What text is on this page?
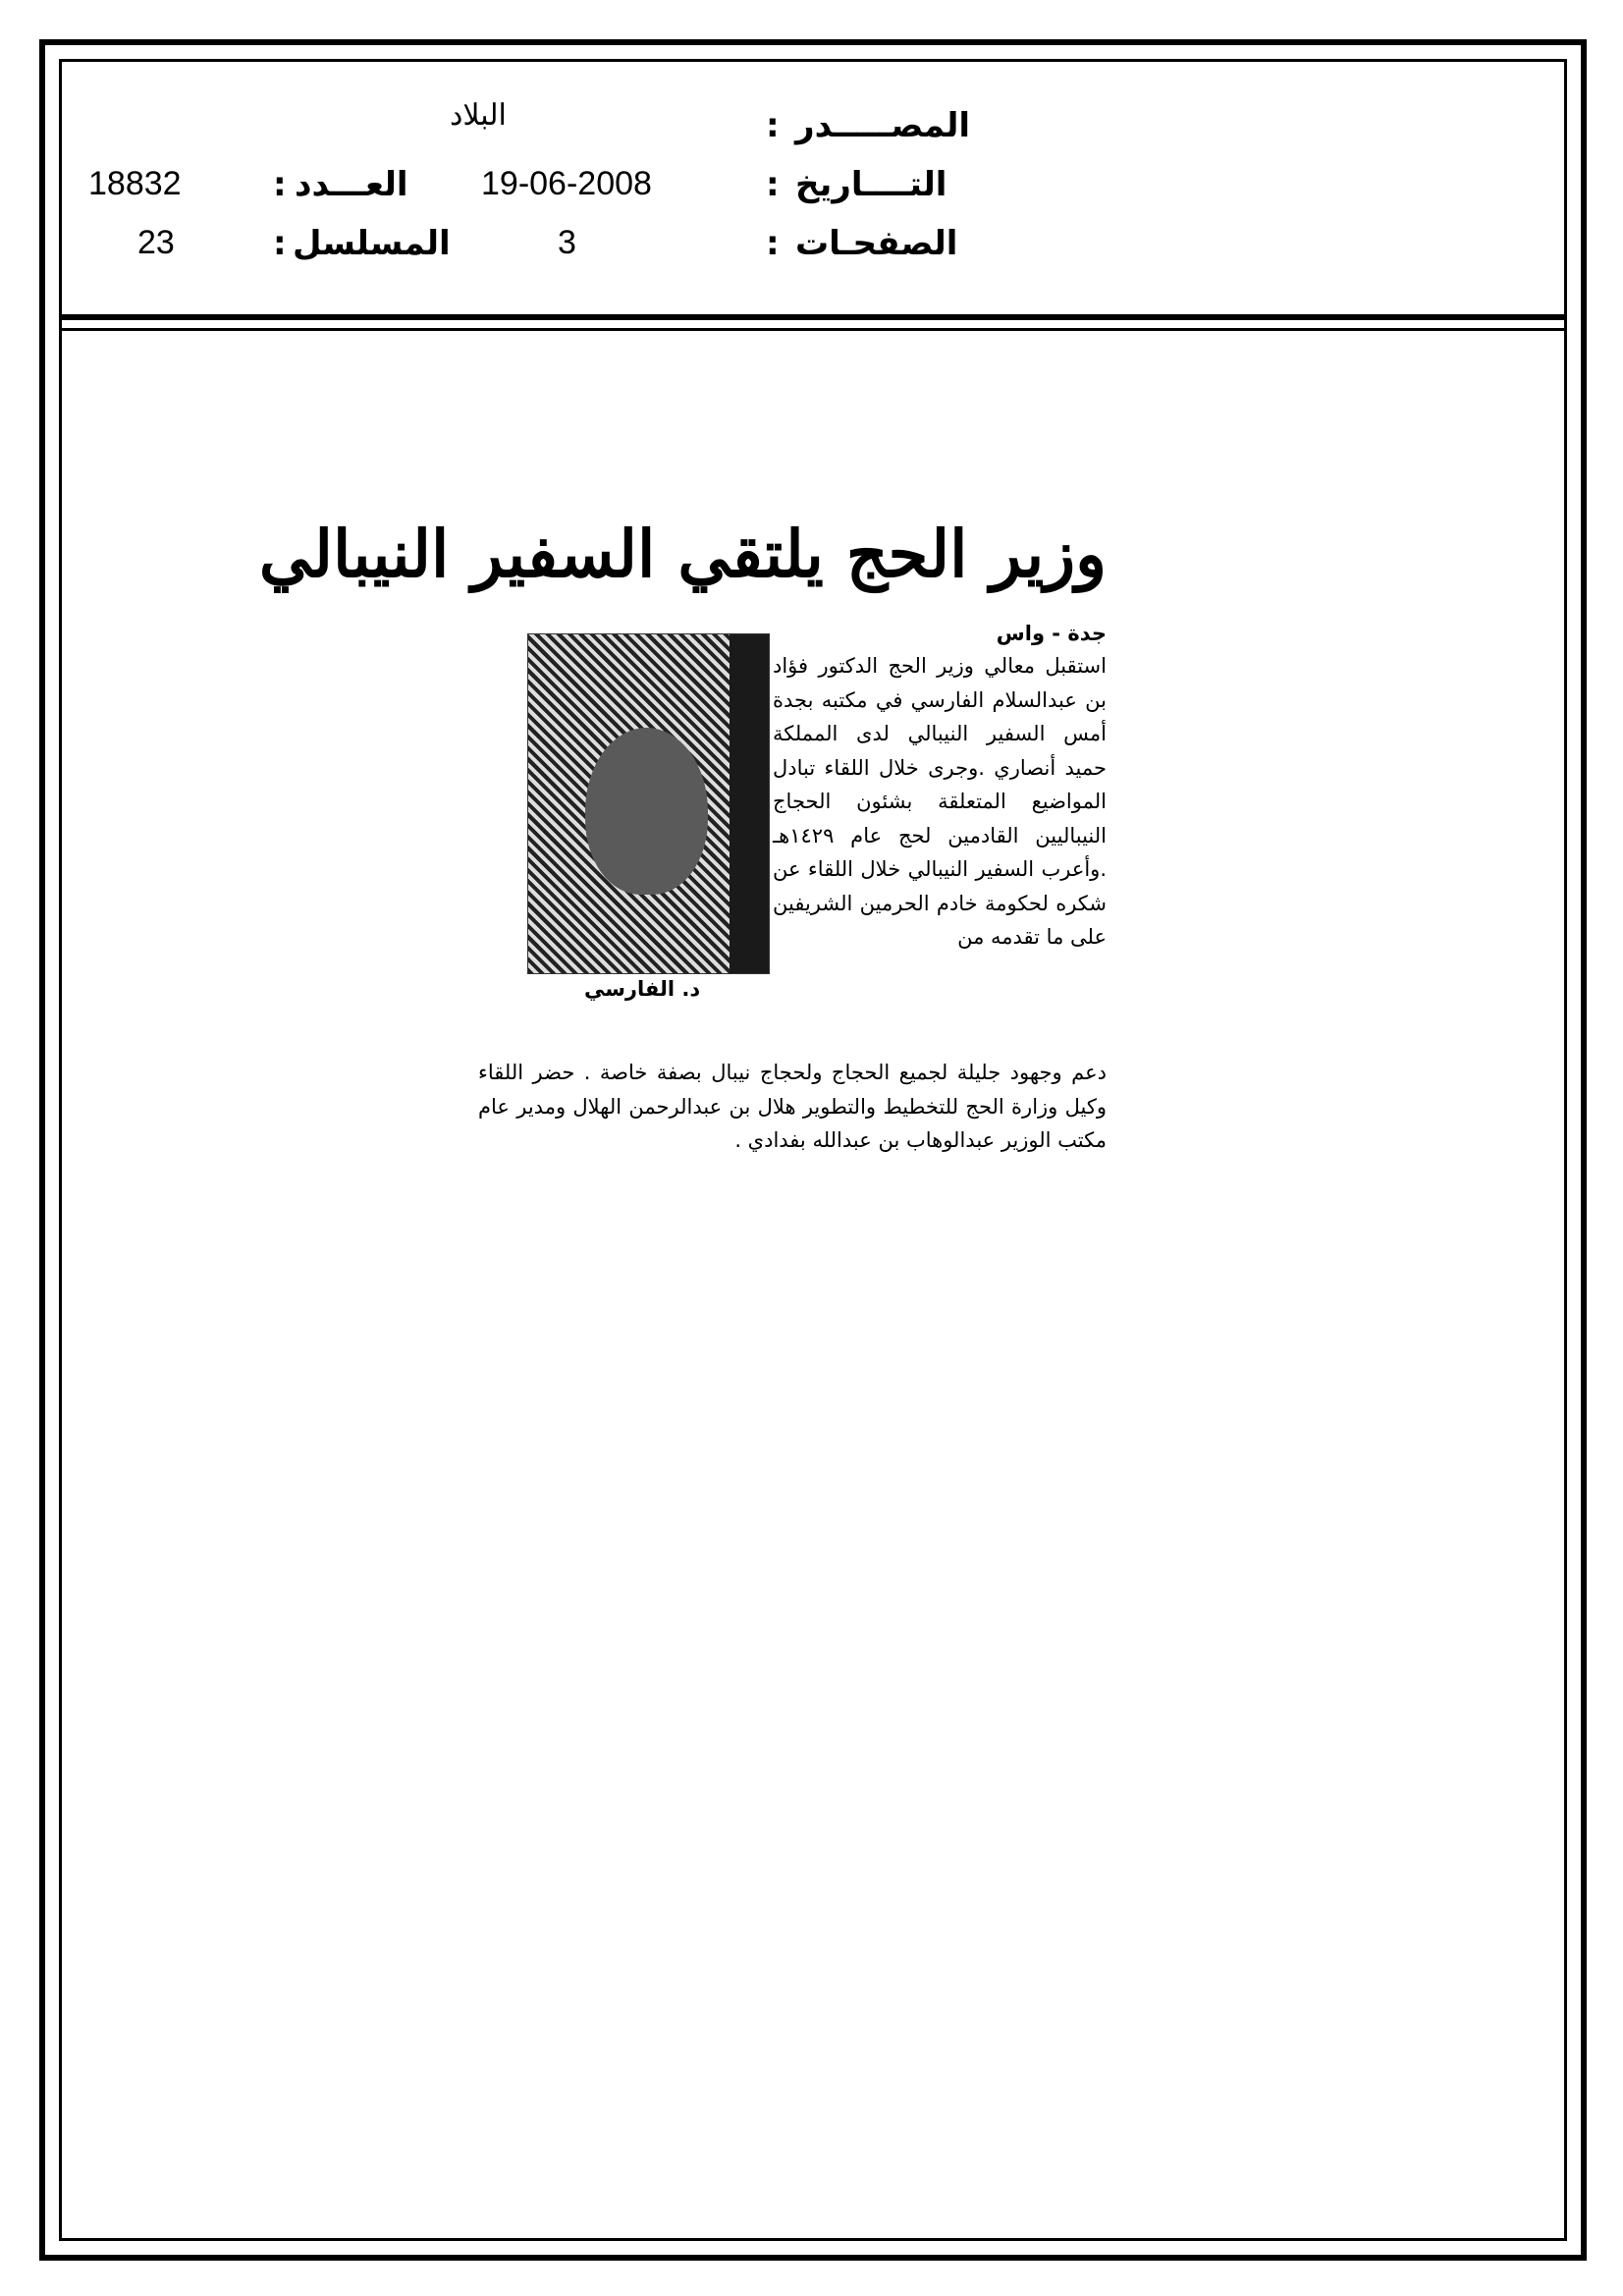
المصـــــدر
:
البلاد
التــــاريخ
:
19-06-2008
العـــدد
:
18832
الصفحـات
:
3
المسلسل
:
23
وزير الحج يلتقي السفير النيبالي
جدة - واس
استقبل معالي وزير الحج الدكتور فؤاد بن عبدالسلام الفارسي في مكتبه بجدة أمس السفير النيبالي لدى المملكة حميد أنصاري .وجرى خلال اللقاء تبادل المواضيع المتعلقة بشئون الحجاج النيباليين القادمين لحج عام ١٤٢٩هـ .وأعرب السفير النيبالي خلال اللقاء عن شكره لحكومة خادم الحرمين الشريفين على ما تقدمه من
د. الفارسي
دعم وجهود جليلة لجميع الحجاج ولحجاج نيبال بصفة خاصة . حضر اللقاء وكيل وزارة الحج للتخطيط والتطوير هلال بن عبدالرحمن الهلال ومدير عام مكتب الوزير عبدالوهاب بن عبدالله بفدادي .
